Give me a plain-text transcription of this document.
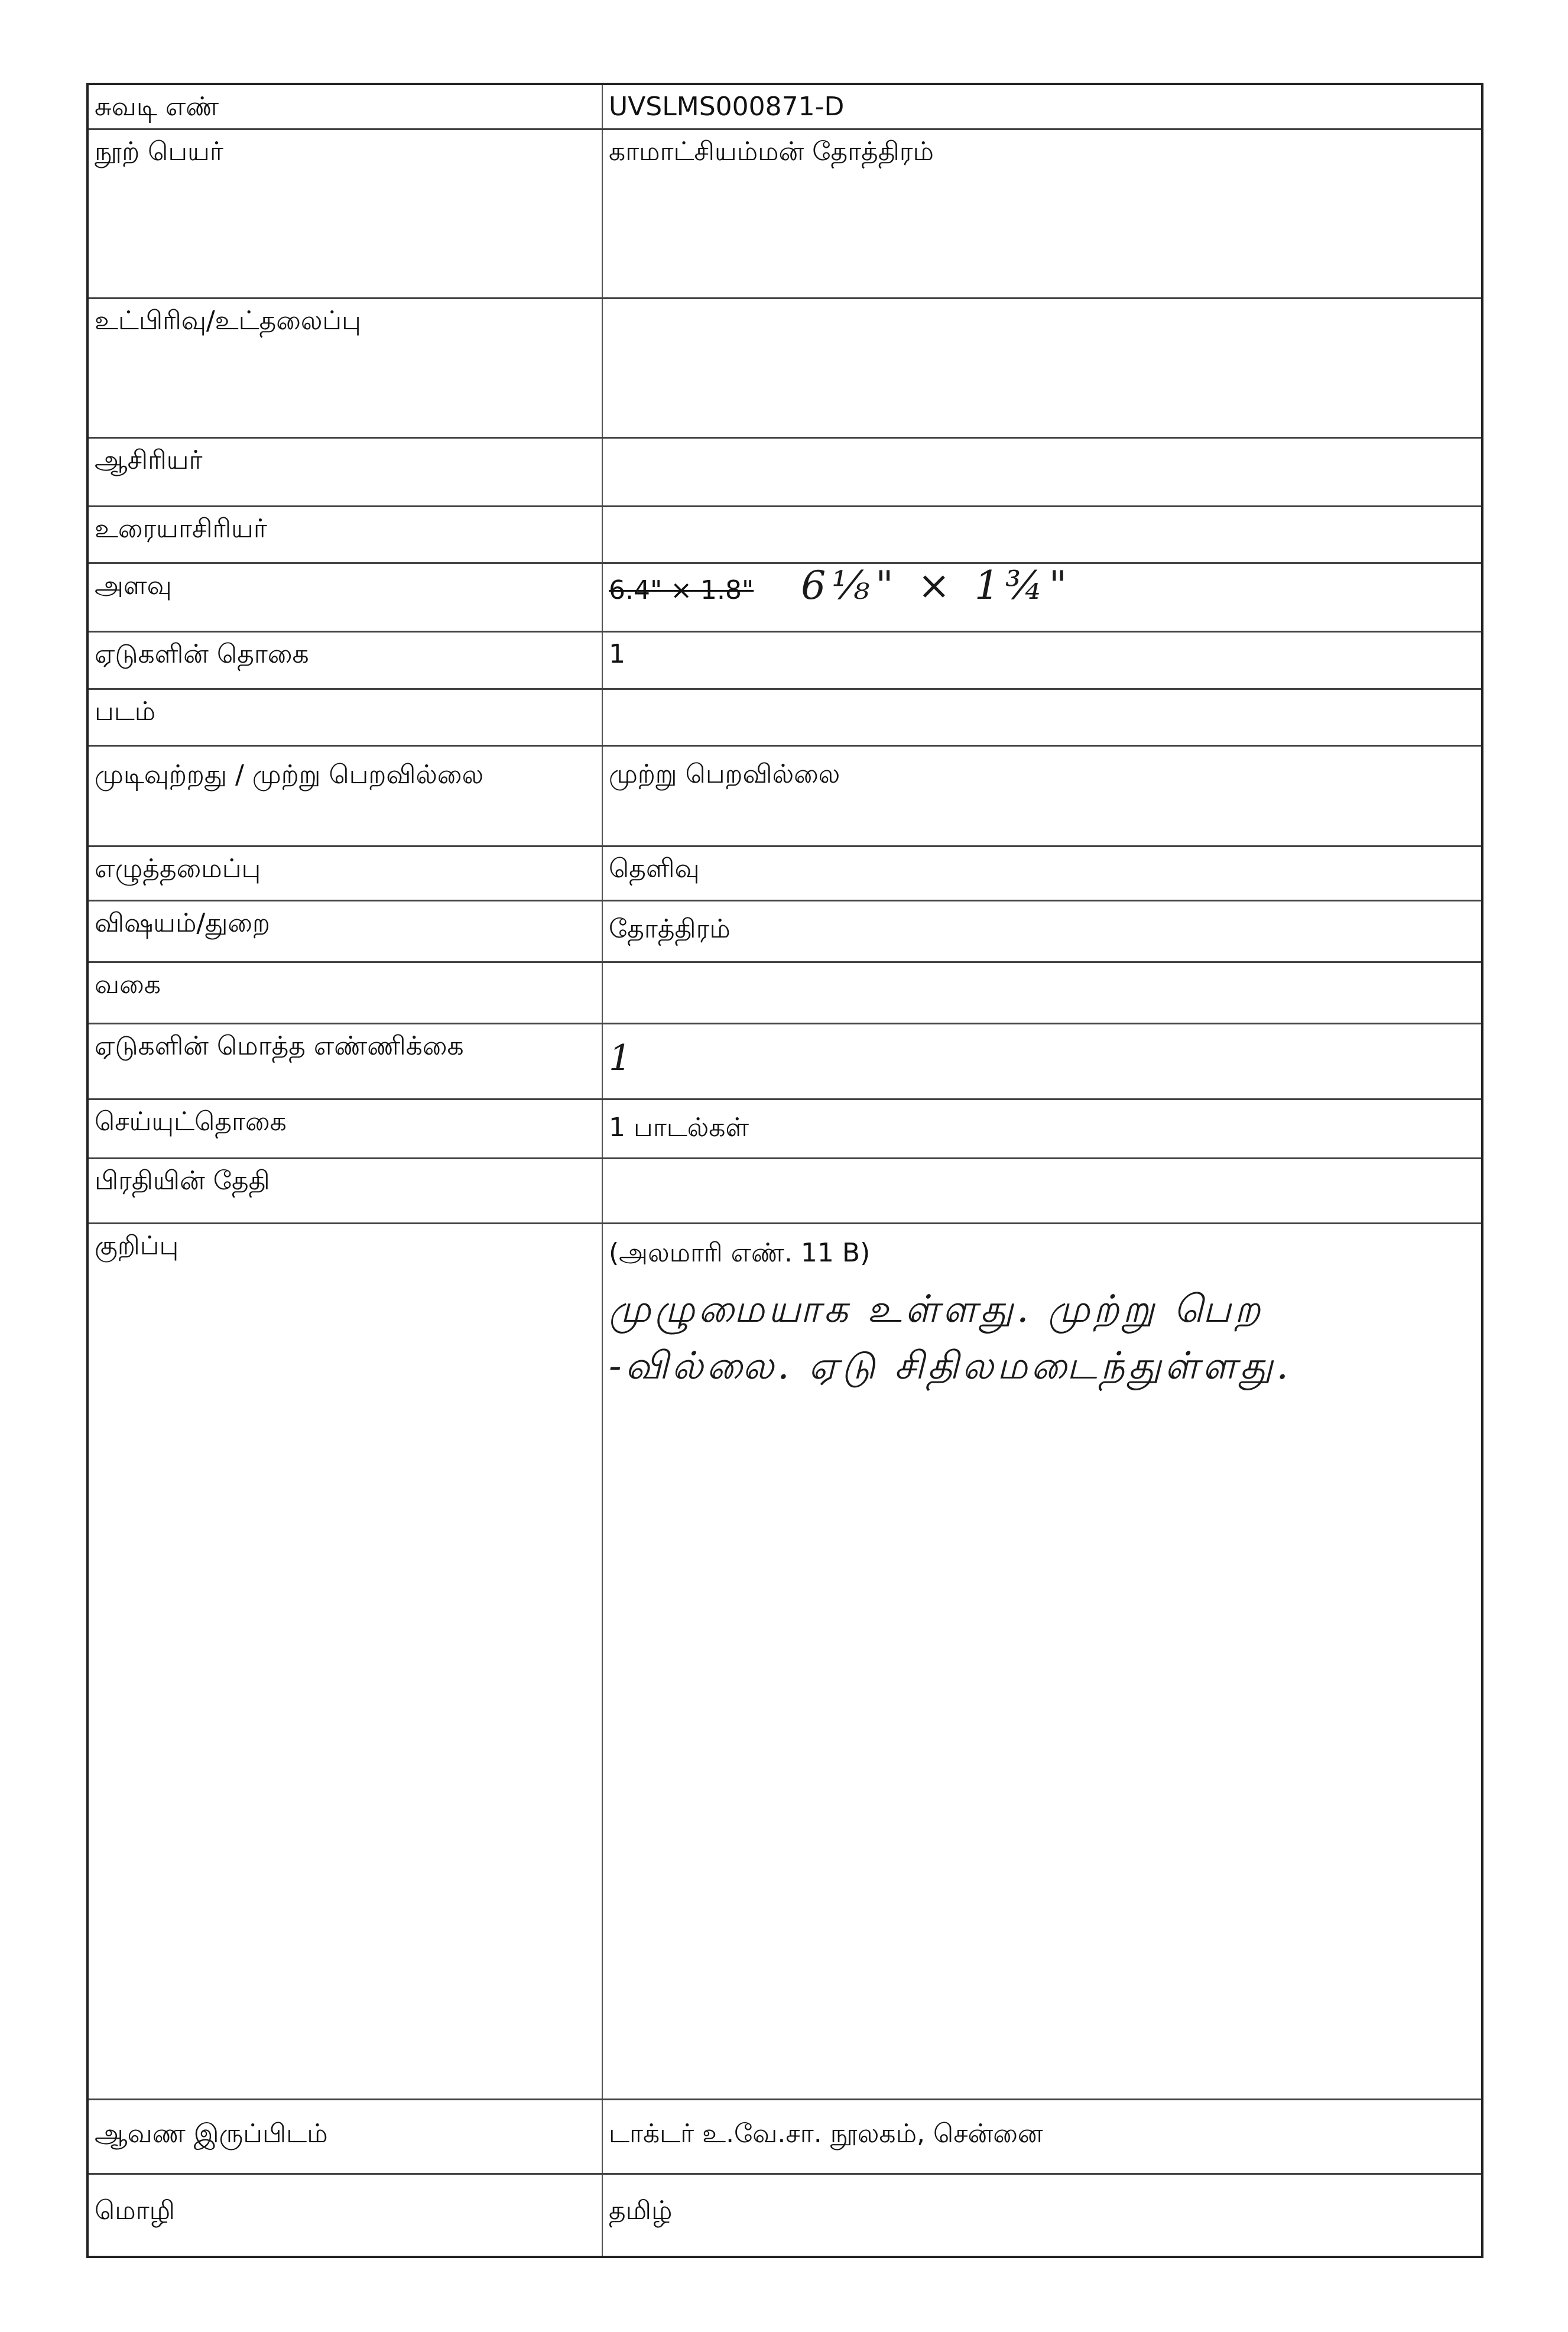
சுவடி எண்	UVSLMS000871-D
நூற் பெயர்	காமாட்சியம்மன் தோத்திரம்
உட்பிரிவு/உட்தலைப்பு	
ஆசிரியர்	
உரையாசிரியர்	
அளவு	6.4" × 1.8" 6⅛" × 1¾"
ஏடுகளின் தொகை	1
படம்	
முடிவுற்றது / முற்று பெறவில்லை	முற்று பெறவில்லை
எழுத்தமைப்பு	தெளிவு
விஷயம்/துறை	தோத்திரம்
வகை	
ஏடுகளின் மொத்த எண்ணிக்கை	1
செய்யுட்தொகை	1 பாடல்கள்
பிரதியின் தேதி	
குறிப்பு	(அலமாரி எண். 11 B)
முழுமையாக உள்ளது. முற்று பெற
-வில்லை. ஏடு சிதிலமடைந்துள்ளது.

ஆவண இருப்பிடம்	டாக்டர் உ.வே.சா. நூலகம், சென்னை
மொழி	தமிழ்
